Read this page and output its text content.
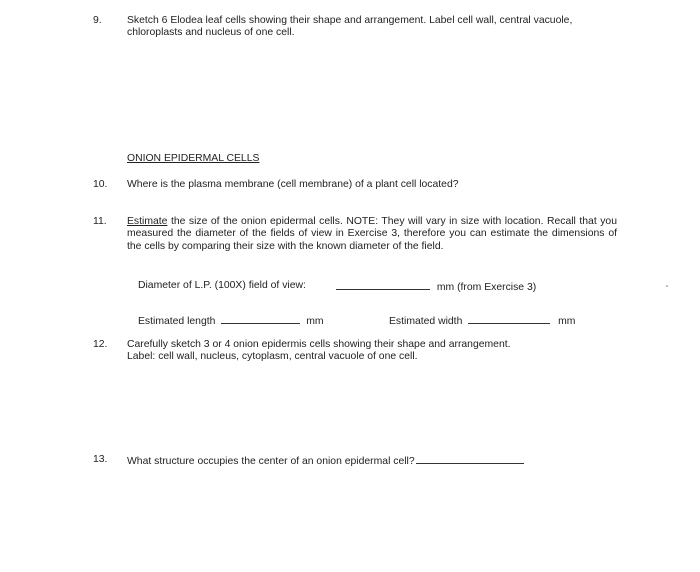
9. Sketch 6 Elodea leaf cells showing their shape and arrangement. Label cell wall, central vacuole, chloroplasts and nucleus of one cell.
ONION EPIDERMAL CELLS
10. Where is the plasma membrane (cell membrane) of a plant cell located?
11. Estimate the size of the onion epidermal cells. NOTE: They will vary in size with location. Recall that you measured the diameter of the fields of view in Exercise 3, therefore you can estimate the dimensions of the cells by comparing their size with the known diameter of the field.
Diameter of L.P. (100X) field of view:	mm (from Exercise 3)
Estimated length	mm	Estimated width	mm
12. Carefully sketch 3 or 4 onion epidermis cells showing their shape and arrangement.
Label: cell wall, nucleus, cytoplasm, central vacuole of one cell.
13. What structure occupies the center of an onion epidermal cell?
